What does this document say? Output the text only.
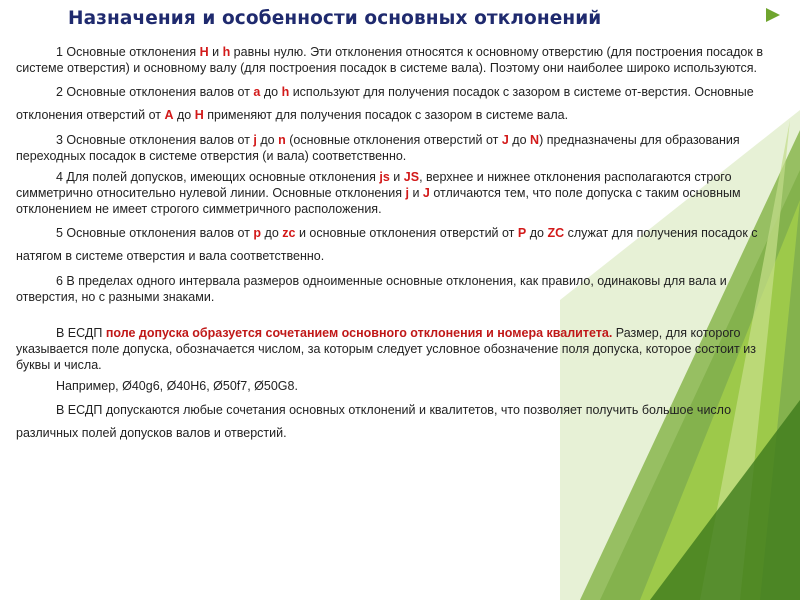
Назначения и особенности основных отклонений

1 Основные отклонения H и h равны нулю. Эти отклонения относятся к основному отверстию (для построения посадок в системе отверстия) и основному валу (для построения посадок в системе вала). Поэтому они наиболее широко используются.

2 Основные отклонения валов от a до h используют для получения посадок с зазором в системе от-верстия. Основные отклонения отверстий от A до H применяют для получения посадок с зазором в системе вала.

3 Основные отклонения валов от j до n (основные отклонения отверстий от J до N) предназначены для образования переходных посадок в системе отверстия (и вала) соответственно.

4 Для полей допусков, имеющих основные отклонения js и JS, верхнее и нижнее отклонения располагаются строго симметрично относительно нулевой линии. Основные отклонения j и J отличаются тем, что поле допуска с таким основным отклонением не имеет строгого симметричного расположения.

5 Основные отклонения валов от p до zc и основные отклонения отверстий от P до ZC служат для получения посадок с натягом в системе отверстия и вала соответственно.

6 В пределах одного интервала размеров одноименные основные отклонения, как правило, одинаковы для вала и отверстия, но с разными знаками.

В ЕСДП поле допуска образуется сочетанием основного отклонения и номера квалитета. Размер, для которого указывается поле допуска, обозначается числом, за которым следует условное обозначение поля допуска, которое состоит из буквы и числа.

Например, Ø40g6, Ø40H6, Ø50f7, Ø50G8.

В ЕСДП допускаются любые сочетания основных отклонений и квалитетов, что позволяет получить большое число различных полей допусков валов и отверстий.
